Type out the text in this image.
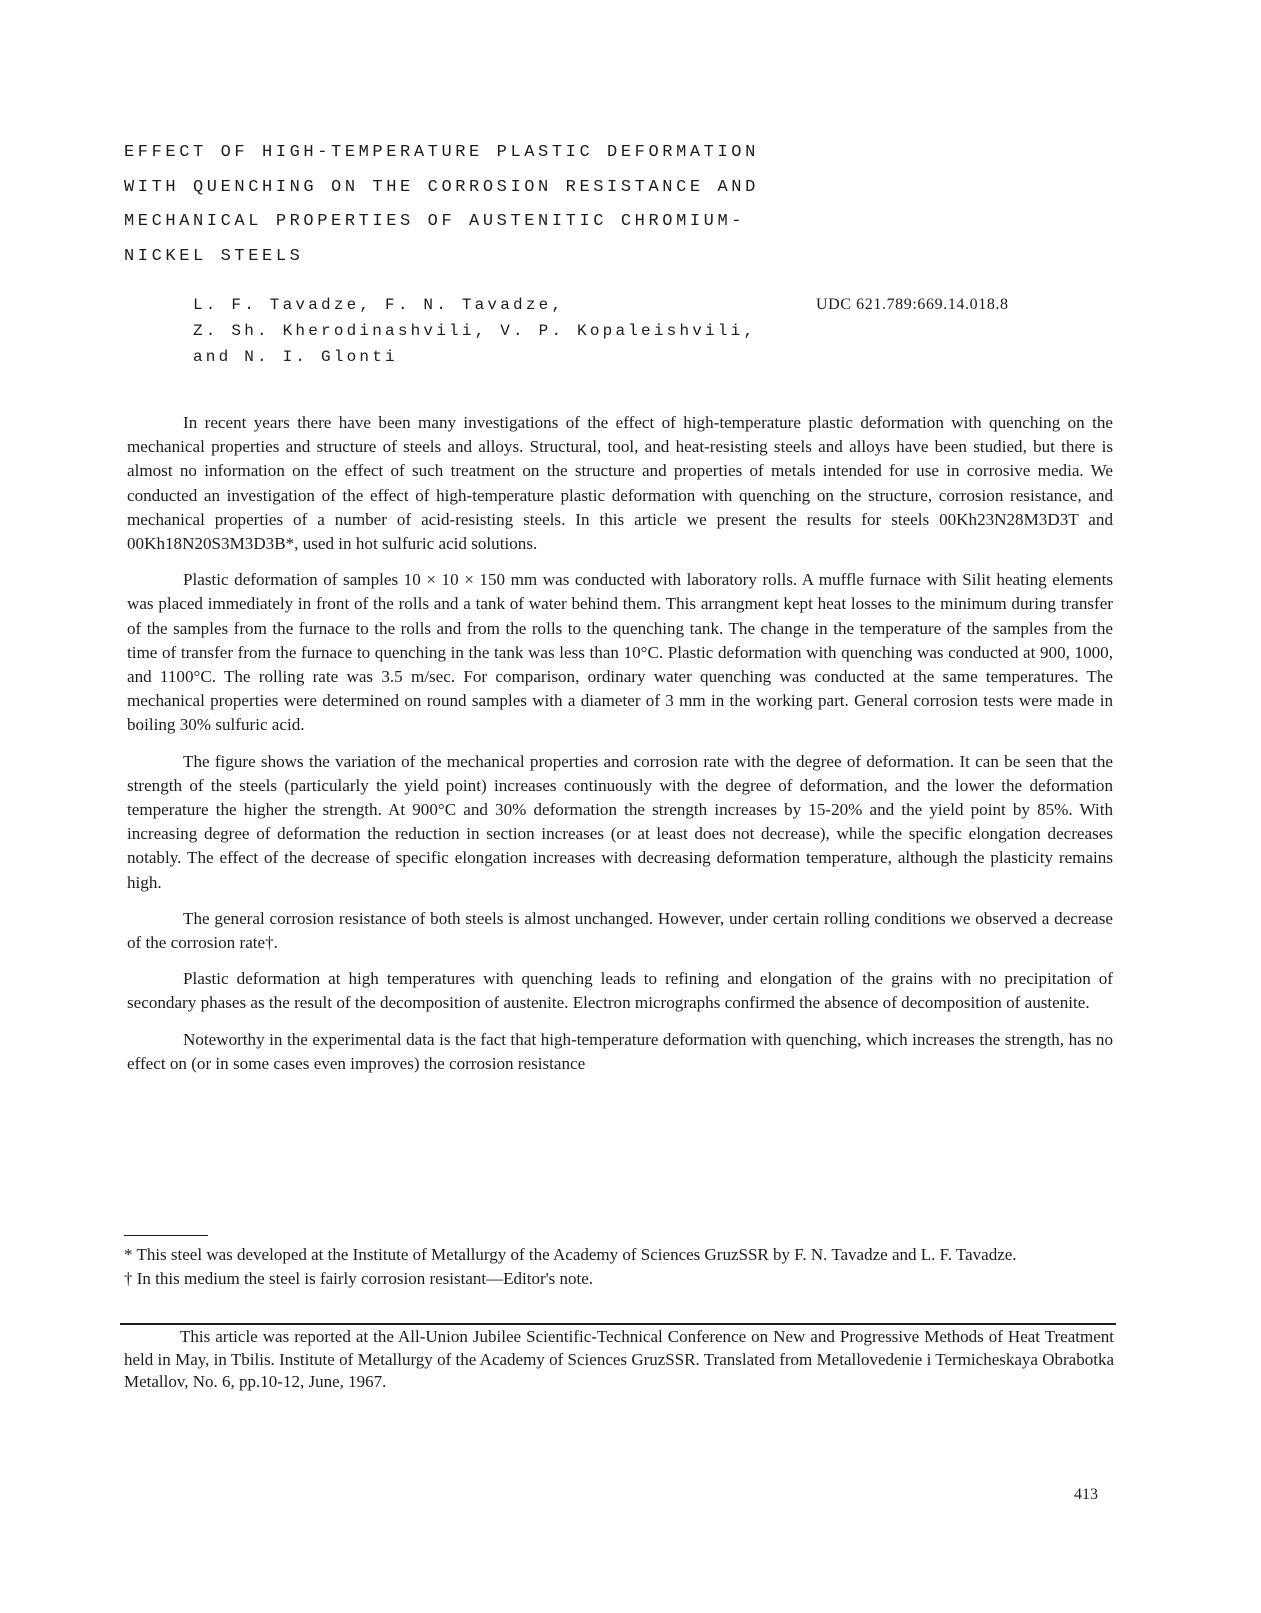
EFFECT OF HIGH-TEMPERATURE PLASTIC DEFORMATION
WITH QUENCHING ON THE CORROSION RESISTANCE AND
MECHANICAL PROPERTIES OF AUSTENITIC CHROMIUM-
NICKEL STEELS
L. F. Tavadze, F. N. Tavadze,
Z. Sh. Kherodinashvili, V. P. Kopaleishvili,
and N. I. Glonti
UDC 621.789:669.14.018.8

In recent years there have been many investigations of the effect of high-temperature plastic deformation with quenching on the mechanical properties and structure of steels and alloys. Structural, tool, and heat-resisting steels and alloys have been studied, but there is almost no information on the effect of such treatment on the structure and properties of metals intended for use in corrosive media. We conducted an investigation of the effect of high-temperature plastic deformation with quenching on the structure, corrosion resistance, and mechanical properties of a number of acid-resisting steels. In this article we present the results for steels 00Kh23N28M3D3T and 00Kh18N20S3M3D3B*, used in hot sulfuric acid solutions.

Plastic deformation of samples 10 × 10 × 150 mm was conducted with laboratory rolls. A muffle furnace with Silit heating elements was placed immediately in front of the rolls and a tank of water behind them. This arrangment kept heat losses to the minimum during transfer of the samples from the furnace to the rolls and from the rolls to the quenching tank. The change in the temperature of the samples from the time of transfer from the furnace to quenching in the tank was less than 10°C. Plastic deformation with quenching was conducted at 900, 1000, and 1100°C. The rolling rate was 3.5 m/sec. For comparison, ordinary water quenching was conducted at the same temperatures. The mechanical properties were determined on round samples with a diameter of 3 mm in the working part. General corrosion tests were made in boiling 30% sulfuric acid.

The figure shows the variation of the mechanical properties and corrosion rate with the degree of deformation. It can be seen that the strength of the steels (particularly the yield point) increases continuously with the degree of deformation, and the lower the deformation temperature the higher the strength. At 900°C and 30% deformation the strength increases by 15-20% and the yield point by 85%. With increasing degree of deformation the reduction in section increases (or at least does not decrease), while the specific elongation decreases notably. The effect of the decrease of specific elongation increases with decreasing deformation temperature, although the plasticity remains high.

The general corrosion resistance of both steels is almost unchanged. However, under certain rolling conditions we observed a decrease of the corrosion rate†.

Plastic deformation at high temperatures with quenching leads to refining and elongation of the grains with no precipitation of secondary phases as the result of the decomposition of austenite. Electron micrographs confirmed the absence of decomposition of austenite.

Noteworthy in the experimental data is the fact that high-temperature deformation with quenching, which increases the strength, has no effect on (or in some cases even improves) the corrosion resistance

* This steel was developed at the Institute of Metallurgy of the Academy of Sciences GruzSSR by F. N. Tavadze and L. F. Tavadze.

† In this medium the steel is fairly corrosion resistant—Editor's note.

This article was reported at the All-Union Jubilee Scientific-Technical Conference on New and Progressive Methods of Heat Treatment held in May, in Tbilis. Institute of Metallurgy of the Academy of Sciences GruzSSR. Translated from Metallovedenie i Termicheskaya Obrabotka Metallov, No. 6, pp.10-12, June, 1967.

413
